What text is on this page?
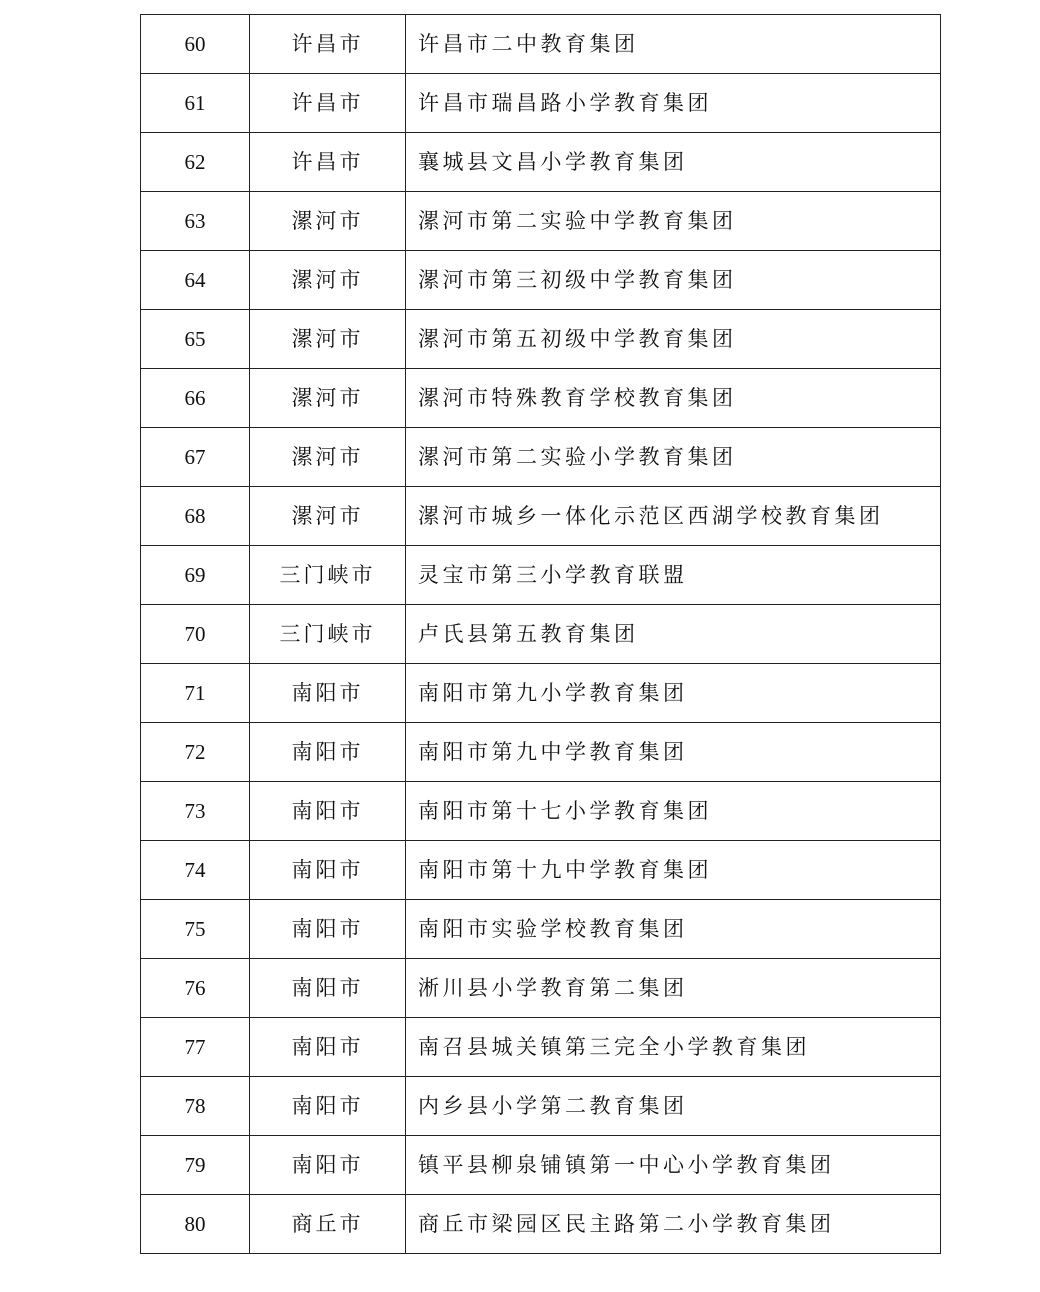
60	许昌市	许昌市二中教育集团
61	许昌市	许昌市瑞昌路小学教育集团
62	许昌市	襄城县文昌小学教育集团
63	漯河市	漯河市第二实验中学教育集团
64	漯河市	漯河市第三初级中学教育集团
65	漯河市	漯河市第五初级中学教育集团
66	漯河市	漯河市特殊教育学校教育集团
67	漯河市	漯河市第二实验小学教育集团
68	漯河市	漯河市城乡一体化示范区西湖学校教育集团
69	三门峡市	灵宝市第三小学教育联盟
70	三门峡市	卢氏县第五教育集团
71	南阳市	南阳市第九小学教育集团
72	南阳市	南阳市第九中学教育集团
73	南阳市	南阳市第十七小学教育集团
74	南阳市	南阳市第十九中学教育集团
75	南阳市	南阳市实验学校教育集团
76	南阳市	淅川县小学教育第二集团
77	南阳市	南召县城关镇第三完全小学教育集团
78	南阳市	内乡县小学第二教育集团
79	南阳市	镇平县柳泉铺镇第一中心小学教育集团
80	商丘市	商丘市梁园区民主路第二小学教育集团
